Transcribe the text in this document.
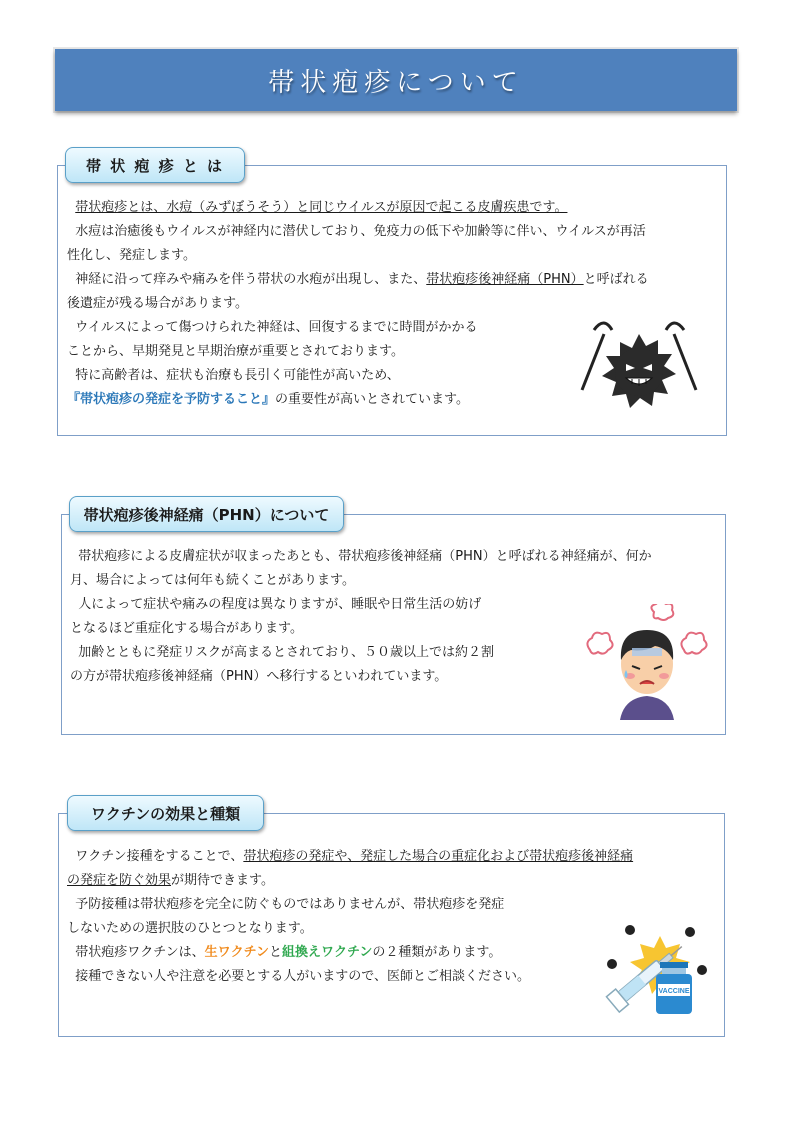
帯状疱疹について
帯 状 疱 疹 と は

帯状疱疹とは、水痘（みずぼうそう）と同じウイルスが原因で起こる皮膚疾患です。

水痘は治癒後もウイルスが神経内に潜伏しており、免疫力の低下や加齢等に伴い、ウイルスが再活

性化し、発症します。

神経に沿って痒みや痛みを伴う帯状の水疱が出現し、また、帯状疱疹後神経痛（PHN）と呼ばれる

後遺症が残る場合があります。

ウイルスによって傷つけられた神経は、回復するまでに時間がかかる

ことから、早期発見と早期治療が重要とされております。

特に高齢者は、症状も治療も長引く可能性が高いため、

『帯状疱疹の発症を予防すること』の重要性が高いとされています。

帯状疱疹後神経痛（PHN）について

帯状疱疹による皮膚症状が収まったあとも、帯状疱疹後神経痛（PHN）と呼ばれる神経痛が、何か

月、場合によっては何年も続くことがあります。

人によって症状や痛みの程度は異なりますが、睡眠や日常生活の妨げ

となるほど重症化する場合があります。

加齢とともに発症リスクが高まるとされており、５０歳以上では約２割

の方が帯状疱疹後神経痛（PHN）へ移行するといわれています。

ワクチンの効果と種類

ワクチン接種をすることで、帯状疱疹の発症や、発症した場合の重症化および帯状疱疹後神経痛

の発症を防ぐ効果が期待できます。

予防接種は帯状疱疹を完全に防ぐものではありませんが、帯状疱疹を発症

しないための選択肢のひとつとなります。

帯状疱疹ワクチンは、生ワクチンと組換えワクチンの２種類があります。

接種できない人や注意を必要とする人がいますので、医師とご相談ください。

VACCINE
